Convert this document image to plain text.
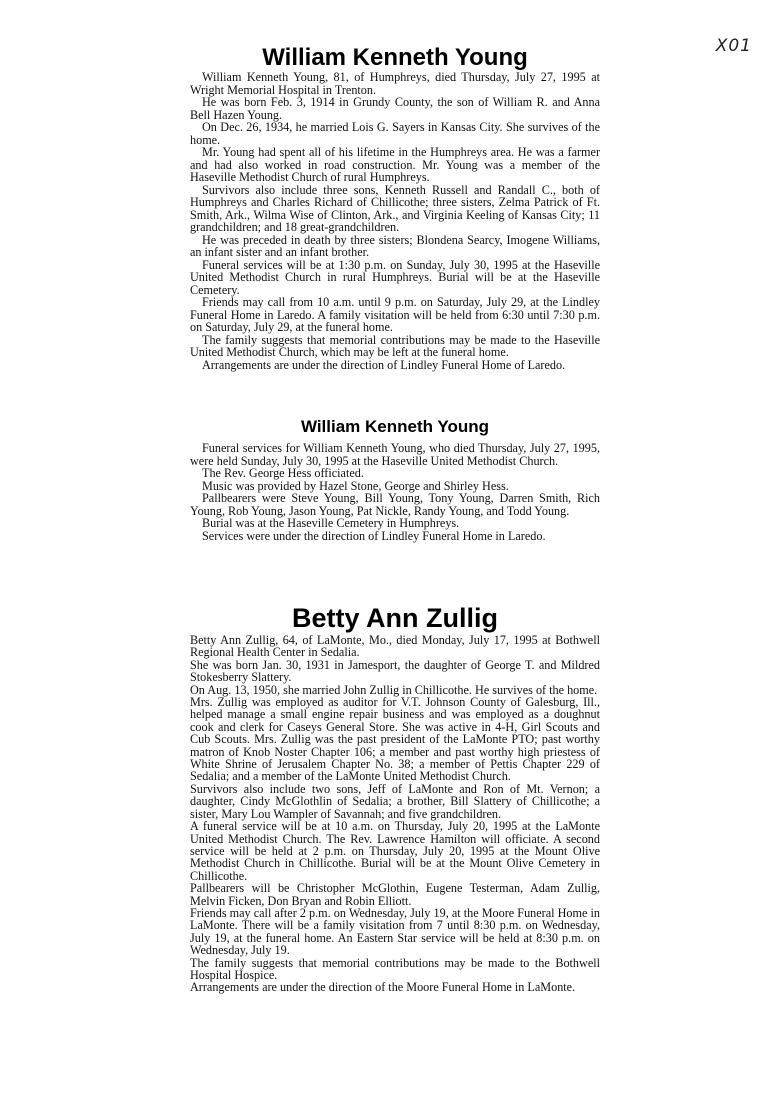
X01
William Kenneth Young

William Kenneth Young, 81, of Humphreys, died Thursday, July 27, 1995 at Wright Memorial Hospital in Trenton.

He was born Feb. 3, 1914 in Grundy County, the son of William R. and Anna Bell Hazen Young.

On Dec. 26, 1934, he married Lois G. Sayers in Kansas City. She survives of the home.

Mr. Young had spent all of his lifetime in the Humphreys area. He was a farmer and had also worked in road construction. Mr. Young was a member of the Haseville Methodist Church of rural Humphreys.

Survivors also include three sons, Kenneth Russell and Randall C., both of Humphreys and Charles Richard of Chillicothe; three sisters, Zelma Patrick of Ft. Smith, Ark., Wilma Wise of Clinton, Ark., and Virginia Keeling of Kansas City; 11 grandchildren; and 18 great-grandchildren.

He was preceded in death by three sisters; Blondena Searcy, Imogene Williams, an infant sister and an infant brother.

Funeral services will be at 1:30 p.m. on Sunday, July 30, 1995 at the Haseville United Methodist Church in rural Humphreys. Burial will be at the Haseville Cemetery.

Friends may call from 10 a.m. until 9 p.m. on Saturday, July 29, at the Lindley Funeral Home in Laredo. A family visitation will be held from 6:30 until 7:30 p.m. on Saturday, July 29, at the funeral home.

The family suggests that memorial contributions may be made to the Haseville United Methodist Church, which may be left at the funeral home.

Arrangements are under the direction of Lindley Funeral Home of Laredo.

William Kenneth Young

Funeral services for William Kenneth Young, who died Thursday, July 27, 1995, were held Sunday, July 30, 1995 at the Haseville United Methodist Church.

The Rev. George Hess officiated.

Music was provided by Hazel Stone, George and Shirley Hess.

Pallbearers were Steve Young, Bill Young, Tony Young, Darren Smith, Rich Young, Rob Young, Jason Young, Pat Nickle, Randy Young, and Todd Young.

Burial was at the Haseville Cemetery in Humphreys.

Services were under the direction of Lindley Funeral Home in Laredo.

Betty Ann Zullig

Betty Ann Zullig, 64, of LaMonte, Mo., died Monday, July 17, 1995 at Bothwell Regional Health Center in Sedalia.

She was born Jan. 30, 1931 in Jamesport, the daughter of George T. and Mildred Stokesberry Slattery.

On Aug. 13, 1950, she married John Zullig in Chillicothe. He survives of the home.

Mrs. Zullig was employed as auditor for V.T. Johnson County of Galesburg, Ill., helped manage a small engine repair business and was employed as a doughnut cook and clerk for Caseys General Store. She was active in 4-H, Girl Scouts and Cub Scouts. Mrs. Zullig was the past president of the LaMonte PTO; past worthy matron of Knob Noster Chapter 106; a member and past worthy high priestess of White Shrine of Jerusalem Chapter No. 38; a member of Pettis Chapter 229 of Sedalia; and a member of the LaMonte United Methodist Church.

Survivors also include two sons, Jeff of LaMonte and Ron of Mt. Vernon; a daughter, Cindy McGlothlin of Sedalia; a brother, Bill Slattery of Chillicothe; a sister, Mary Lou Wampler of Savannah; and five grandchildren.

A funeral service will be at 10 a.m. on Thursday, July 20, 1995 at the LaMonte United Methodist Church. The Rev. Lawrence Hamilton will officiate. A second service will be held at 2 p.m. on Thursday, July 20, 1995 at the Mount Olive Methodist Church in Chillicothe. Burial will be at the Mount Olive Cemetery in Chillicothe.

Pallbearers will be Christopher McGlothin, Eugene Testerman, Adam Zullig, Melvin Ficken, Don Bryan and Robin Elliott.

Friends may call after 2 p.m. on Wednesday, July 19, at the Moore Funeral Home in LaMonte. There will be a family visitation from 7 until 8:30 p.m. on Wednesday, July 19, at the funeral home. An Eastern Star service will be held at 8:30 p.m. on Wednesday, July 19.

The family suggests that memorial contributions may be made to the Bothwell Hospital Hospice.

Arrangements are under the direction of the Moore Funeral Home in LaMonte.
